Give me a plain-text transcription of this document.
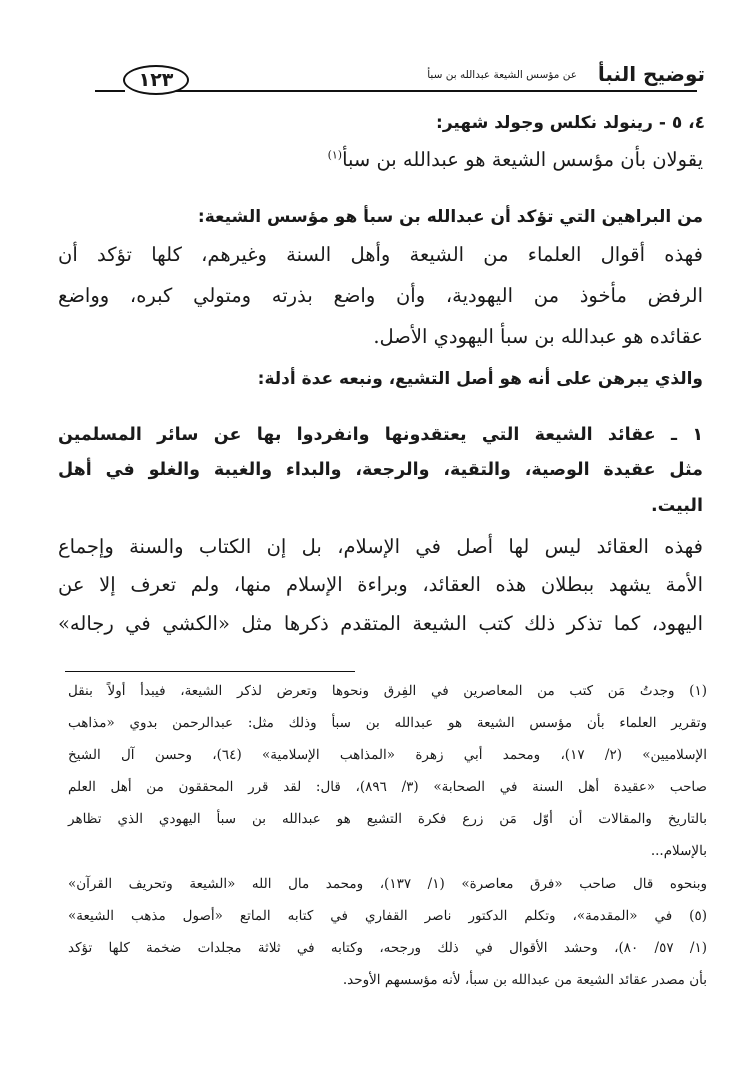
توضيح النبأ
عن مؤسس الشيعة عبدالله بن سبأ
١٢٣
٤، ٥ - رينولد نكلس وجولد شهير:
يقولان بأن مؤسس الشيعة هو عبدالله بن سبأ$^{(١)}$
من البراهين التي تؤكد أن عبدالله بن سبأ هو مؤسس الشيعة:
فهذه أقوال العلماء من الشيعة وأهل السنة وغيرهم، كلها تؤكد أن
الرفض مأخوذ من اليهودية، وأن واضع بذرته ومتولي كبره، وواضع
عقائده هو عبدالله بن سبأ اليهودي الأصل.
والذي يبرهن على أنه هو أصل التشيع، ونبعه عدة أدلة:
١ ـ عقائد الشيعة التي يعتقدونها وانفردوا بها عن سائر المسلمين
مثل عقيدة الوصية، والتقية، والرجعة، والبداء والغيبة والغلو في أهل
البيت.
فهذه العقائد ليس لها أصل في الإسلام، بل إن الكتاب والسنة وإجماع
الأمة يشهد ببطلان هذه العقائد، وبراءة الإسلام منها، ولم تعرف إلا عن
اليهود، كما تذكر ذلك كتب الشيعة المتقدم ذكرها مثل «الكشي في رجاله»
(١) وجدتُ مَن كتب من المعاصرين في الفِرق ونحوها وتعرض لذكر الشيعة، فيبدأ أولاً بنقل
وتقرير العلماء بأن مؤسس الشيعة هو عبدالله بن سبأ وذلك مثل: عبدالرحمن بدوي «مذاهب
الإسلاميين» (٢/ ١٧)، ومحمد أبي زهرة «المذاهب الإسلامية» (٦٤)، وحسن آل الشيخ
صاحب «عقيدة أهل السنة في الصحابة» (٣/ ٨٩٦)، قال: لقد قرر المحققون من أهل العلم
بالتاريخ والمقالات أن أوّل مَن زرع فكرة التشيع هو عبدالله بن سبأ اليهودي الذي تظاهر
بالإسلام...
وبنحوه قال صاحب «فرق معاصرة» (١/ ١٣٧)، ومحمد مال الله «الشيعة وتحريف القرآن»
(٥) في «المقدمة»، وتكلم الدكتور ناصر القفاري في كتابه الماتع «أصول مذهب الشيعة»
(١/ ٥٧/ ٨٠)، وحشد الأقوال في ذلك ورجحه، وكتابه في ثلاثة مجلدات ضخمة كلها تؤكد
بأن مصدر عقائد الشيعة من عبدالله بن سبأ، لأنه مؤسسهم الأوحد.
